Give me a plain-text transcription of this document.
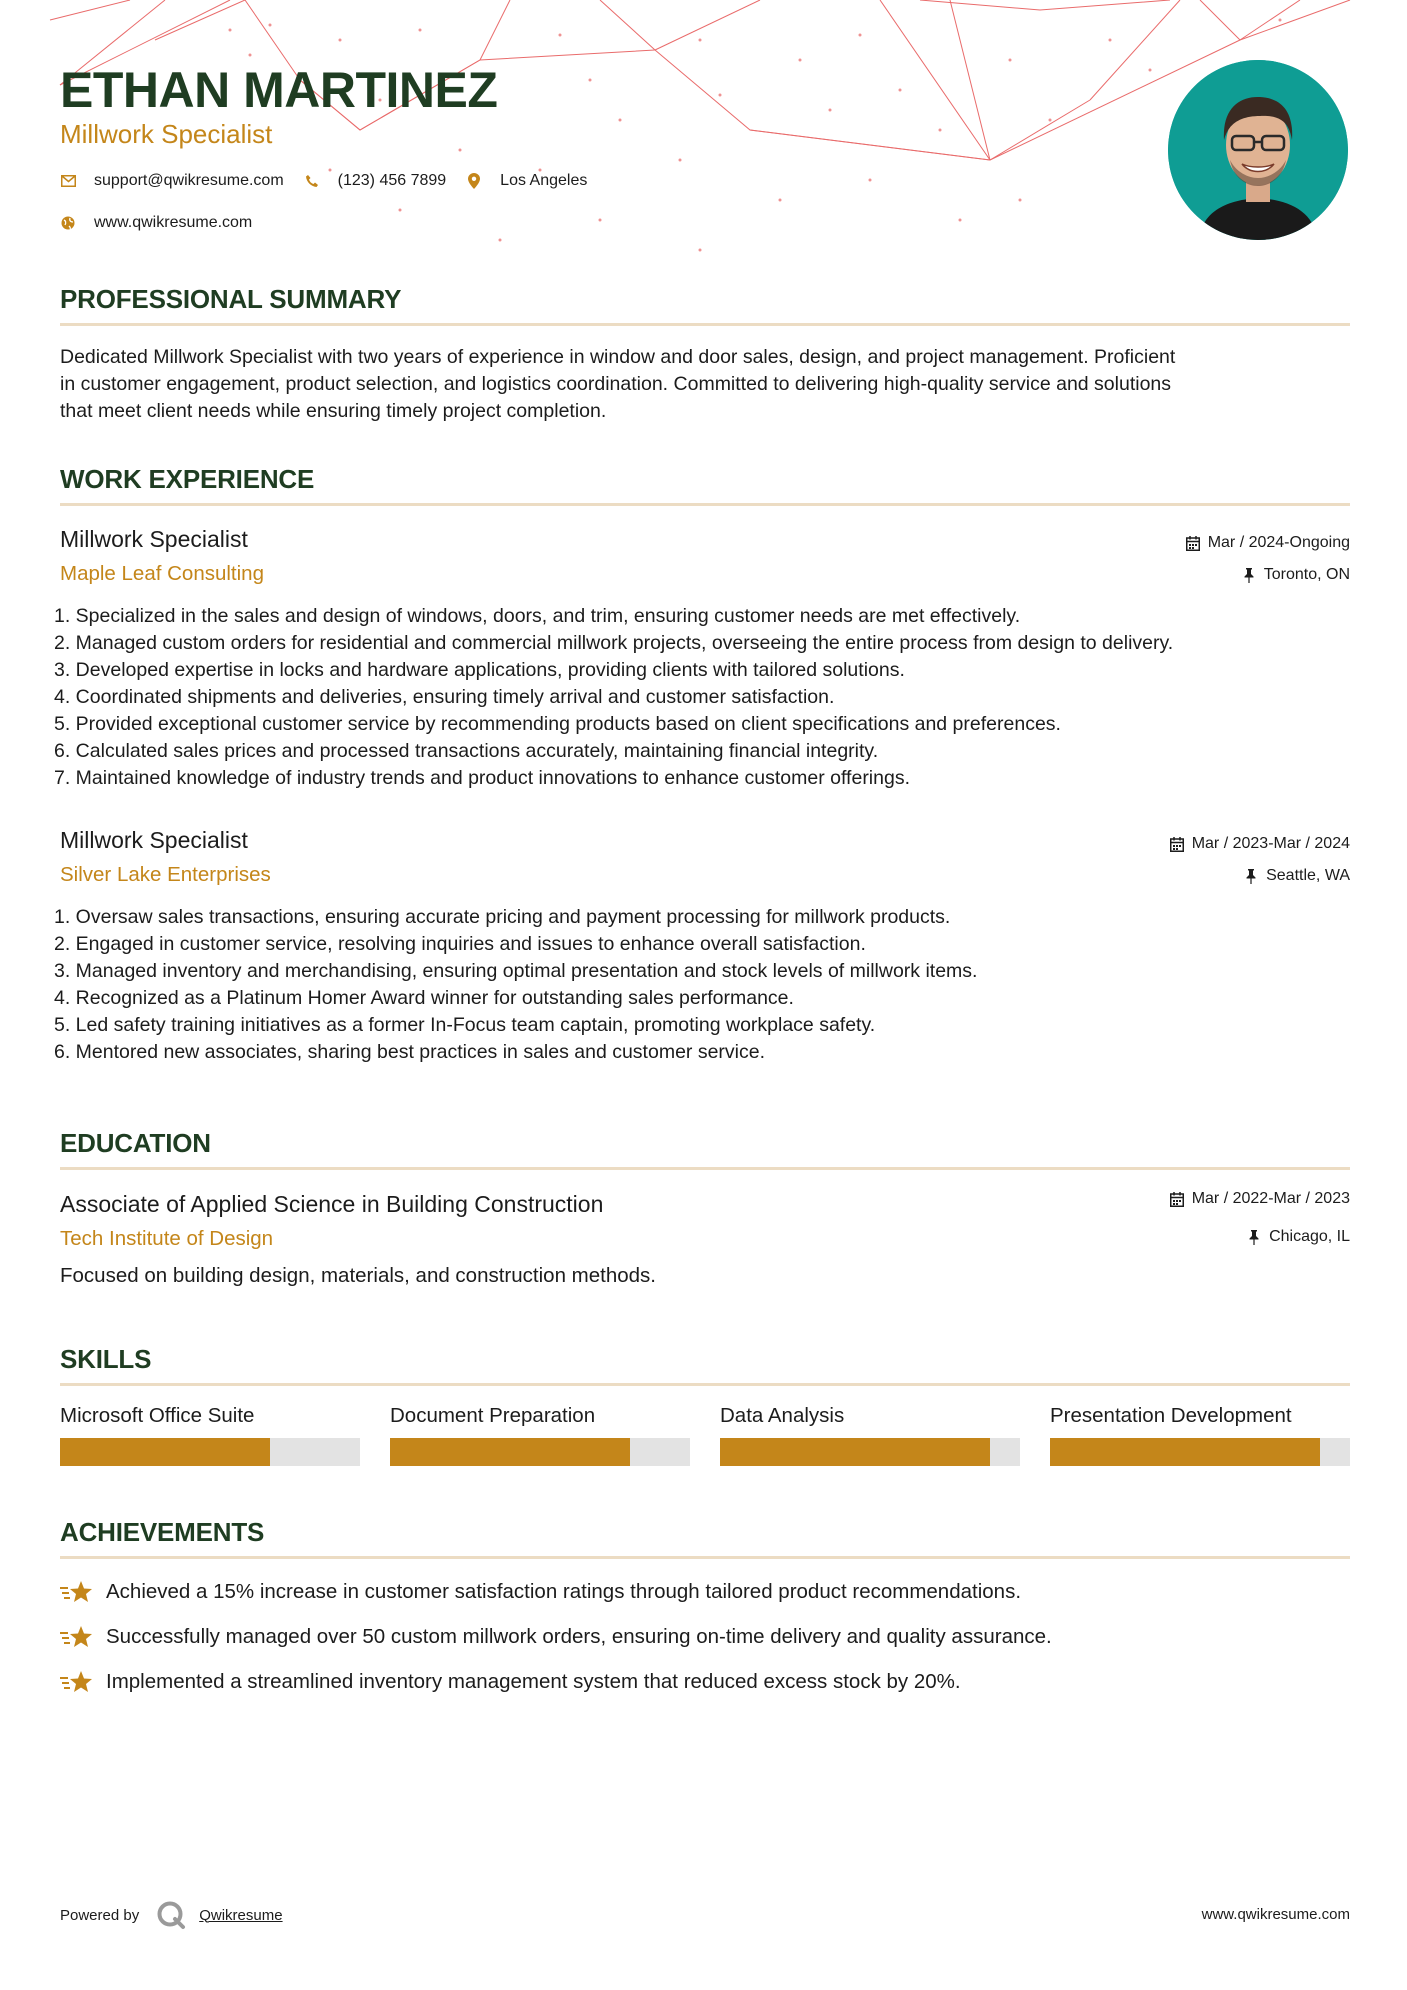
ETHAN MARTINEZ
Millwork Specialist
support@qwikresume.com	(123) 456 7899	Los Angeles
www.qwikresume.com
PROFESSIONAL SUMMARY
Dedicated Millwork Specialist with two years of experience in window and door sales, design, and project management. Proficient
in customer engagement, product selection, and logistics coordination. Committed to delivering high-quality service and solutions
that meet client needs while ensuring timely project completion.
WORK EXPERIENCE
Millwork Specialist
Maple Leaf Consulting
Mar / 2024-Ongoing
Toronto, ON
1. Specialized in the sales and design of windows, doors, and trim, ensuring customer needs are met effectively.
2. Managed custom orders for residential and commercial millwork projects, overseeing the entire process from design to delivery.
3. Developed expertise in locks and hardware applications, providing clients with tailored solutions.
4. Coordinated shipments and deliveries, ensuring timely arrival and customer satisfaction.
5. Provided exceptional customer service by recommending products based on client specifications and preferences.
6. Calculated sales prices and processed transactions accurately, maintaining financial integrity.
7. Maintained knowledge of industry trends and product innovations to enhance customer offerings.
Millwork Specialist
Silver Lake Enterprises
Mar / 2023-Mar / 2024
Seattle, WA
1. Oversaw sales transactions, ensuring accurate pricing and payment processing for millwork products.
2. Engaged in customer service, resolving inquiries and issues to enhance overall satisfaction.
3. Managed inventory and merchandising, ensuring optimal presentation and stock levels of millwork items.
4. Recognized as a Platinum Homer Award winner for outstanding sales performance.
5. Led safety training initiatives as a former In-Focus team captain, promoting workplace safety.
6. Mentored new associates, sharing best practices in sales and customer service.
EDUCATION
Associate of Applied Science in Building Construction
Tech Institute of Design
Mar / 2022-Mar / 2023
Chicago, IL
Focused on building design, materials, and construction methods.
SKILLS
Microsoft Office Suite	Document Preparation	Data Analysis	Presentation Development
ACHIEVEMENTS
Achieved a 15% increase in customer satisfaction ratings through tailored product recommendations.
Successfully managed over 50 custom millwork orders, ensuring on-time delivery and quality assurance.
Implemented a streamlined inventory management system that reduced excess stock by 20%.
Powered by	Qwikresume	www.qwikresume.com
